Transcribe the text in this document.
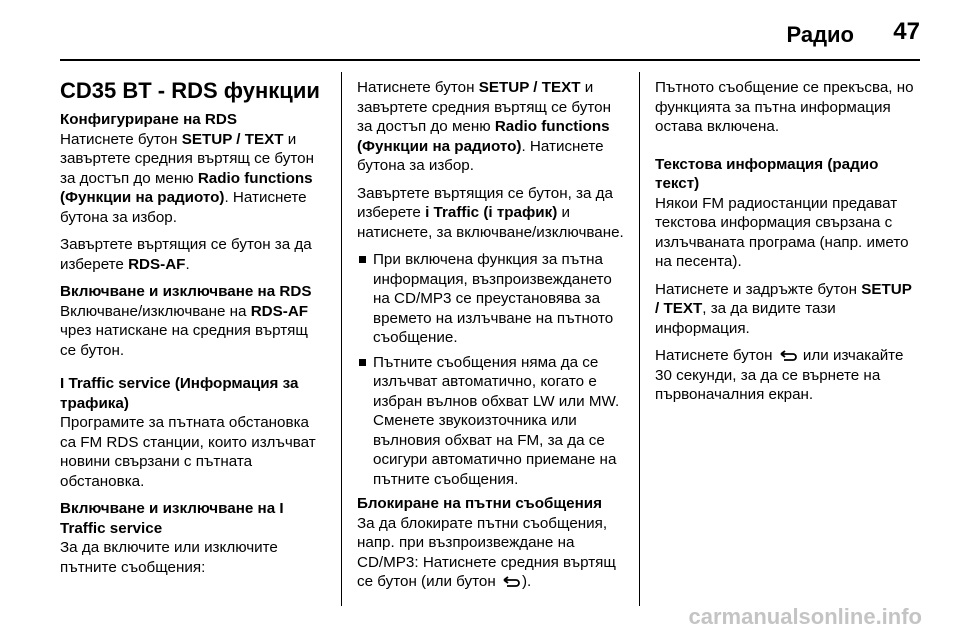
Радио 47
CD35 BT - RDS функции
Конфигуриране на RDS

Натиснете бутон SETUP / TEXT и завъртете средния въртящ се бутон за достъп до меню Radio functions (Функции на радиото). Натиснете бутона за избор.

Завъртете въртящия се бутон за да изберете RDS-AF.

Включване и изключване на RDS

Включване/изключване на RDS-AF чрез натискане на средния въртящ се бутон.

I Traffic service (Информация за трафика)

Програмите за пътната обстановка са FM RDS станции, които излъчват новини свързани с пътната обстановка.

Включване и изключване на I Traffic service

За да включите или изключите пътните съобщения:

Натиснете бутон SETUP / TEXT и завъртете средния въртящ се бутон за достъп до меню Radio functions (Функции на радиото). Натиснете бутона за избор.

Завъртете въртящия се бутон, за да изберете i Traffic (i трафик) и натиснете, за включване/изключване.

При включена функция за пътна информация, възпроизвеждането на CD/MP3 се преустановява за времето на излъчване на пътното съобщение.
Пътните съобщения няма да се излъчват автоматично, когато е избран вълнов обхват LW или MW. Сменете звукоизточника или вълновия обхват на FM, за да се осигури автоматично приемане на пътните съобщения.
Блокиране на пътни съобщения

За да блокирате пътни съобщения, напр. при възпроизвеждане на CD/MP3: Натиснете средния въртящ се бутон (или бутон ).

Пътното съобщение се прекъсва, но функцията за пътна информация остава включена.

Текстова информация (радио текст)

Някои FM радиостанции предават текстова информация свързана с излъчваната програма (напр. името на песента).

Натиснете и задръжте бутон SETUP / TEXT, за да видите тази информация.

Натиснете бутон  или изчакайте 30 секунди, за да се върнете на първоначалния екран.

carmanualsonline.info
